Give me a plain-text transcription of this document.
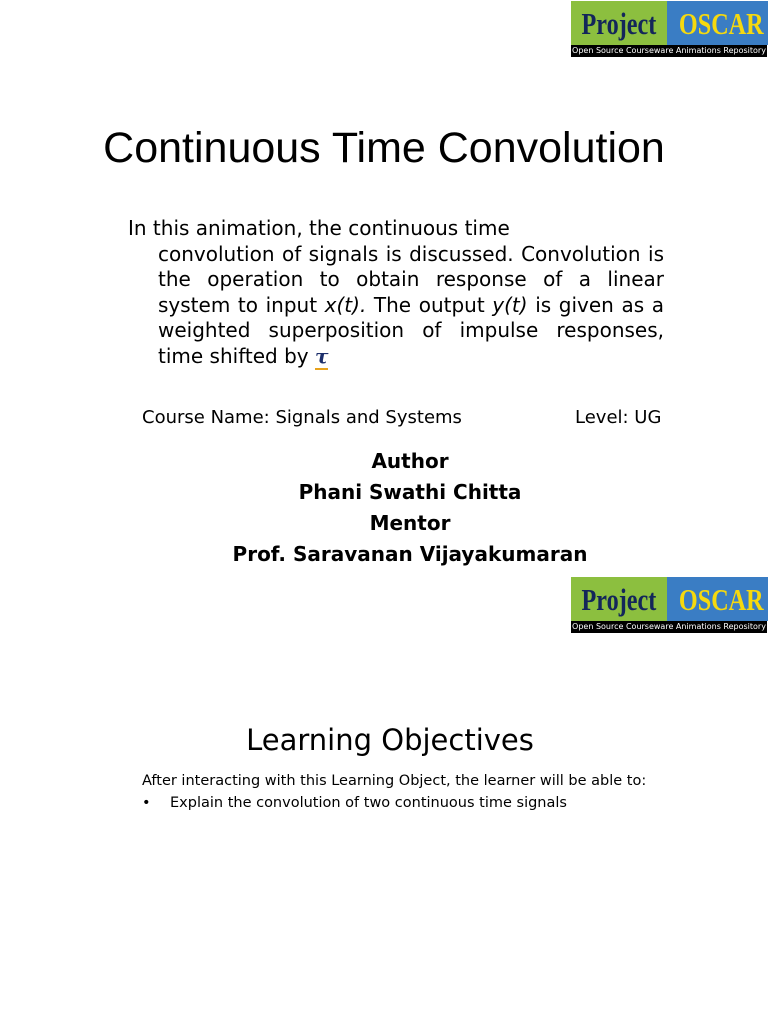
Project OSCAR
Open Source Courseware Animations Repository
Continuous Time Convolution

In this animation, the continuous time
convolution of signals is discussed. Convolution is the operation to obtain response of a linear system to input x(t). The output y(t) is given as a weighted superposition of impulse responses, time shifted by τ

Course Name: Signals and Systems	Level: UG
Author
Phani Swathi Chitta
Mentor
Prof. Saravanan Vijayakumaran
Project OSCAR
Open Source Courseware Animations Repository
Learning Objectives
After interacting with this Learning Object, the learner will be able to:
• Explain the convolution of two continuous time signals
